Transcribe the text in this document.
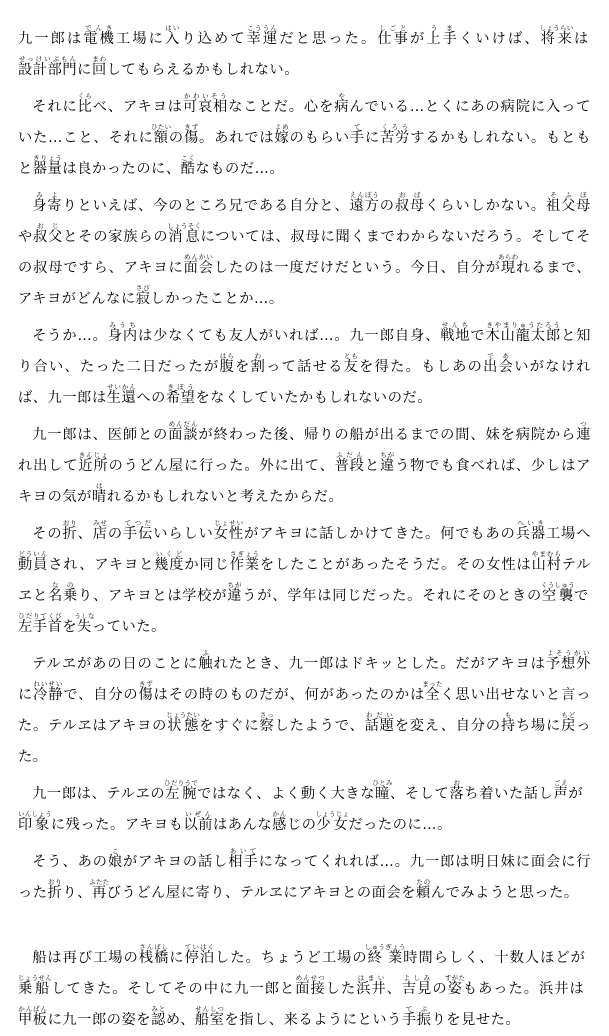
九一郎は電機でんき工場に入はいり込めて幸運こううんだと思った。仕事しごとが上手うまくいけば、将来しょうらいは設計部門せっけいぶもんに回まわしてもらえるかもしれない。

それに比くらべ、アキヨは可哀相かわいそうなことだ。心を病やんでいる…とくにあの病院に入っていた…こと、それに額ひたいの傷きず。あれでは嫁よめのもらい手てに苦労くろうするかもしれない。もともと器量きりょうは良かったのに、酷こくなものだ…。

身寄みよりといえば、今のところ兄である自分と、遠方えんぽうの叔母おばくらいしかない。祖父母そふぼや叔父おじとその家族らの消息しょうそくについては、叔母に聞くまでわからないだろう。そしてその叔母ですら、アキヨに面会めんかいしたのは一度だけだという。今日、自分が現あらわれるまで、アキヨがどんなに寂さびしかったことか…。

そうか…。身内みうちは少なくても友人がいれば…。九一郎自身、戦地せんちで木山龍太郎きやまりゅうたろうと知り合い、たった二日だったが腹はらを割わって話せる友ともを得た。もしあの出会であいがなければ、九一郎は生還せいかんへの希望きぼうをなくしていたかもしれないのだ。

九一郎は、医師との面談めんだんが終わった後、帰りの船が出るまでの間、妹を病院から連つれ出して近所きんじょのうどん屋に行った。外に出て、普段ふだんと違ちがう物でも食べれば、少しはアキヨの気が晴はれるかもしれないと考えたからだ。

その折おり、店みせの手伝てつだいらしい女性じょせいがアキヨに話しかけてきた。何でもあの兵器へいき工場へ動員どういんされ、アキヨと幾度いくどか同じ作業さぎょうをしたことがあったそうだ。その女性は山村やまむらテルヱと名乗なのり、アキヨとは学校が違ちがうが、学年は同じだった。それにそのときの空襲くうしゅうで左手首ひだりてくびを失うしなっていた。

テルヱがあの日のことに触ふれたとき、九一郎はドキッとした。だがアキヨは予想外よそうがいに冷静れいせいで、自分の傷きずはその時のものだが、何があったのかは全まったく思い出せないと言った。テルヱはアキヨの状態じょうたいをすぐに察さっしたようで、話題わだいを変え、自分の持もち場に戻もどった。

九一郎は、テルヱの左腕ひだりうでではなく、よく動く大きな瞳ひとみ、そして落おち着いた話し声ごえが印象いんしょうに残った。アキヨも以前いぜんはあんな感かんじの少女しょうじょだったのに…。

そう、あの娘こがアキヨの話し相手あいてになってくれれば…。九一郎は明日妹に面会に行った折おりり、再ふたたびうどん屋に寄り、テルヱにアキヨとの面会を頼たのんでみようと思った。

船は再び工場の桟橋さんばしに停泊ていはくした。ちょうど工場の終業しゅうぎょう時間らしく、十数人ほどが乗船じょうせんしてきた。そしてその中に九一郎と面接めんせつした浜井はまい、吉見よしみの姿すがたもあった。浜井は甲板かんぱんに九一郎の姿を認みとめ、船室せんしつを指し、来るようにという手振てぶりを見せた。
